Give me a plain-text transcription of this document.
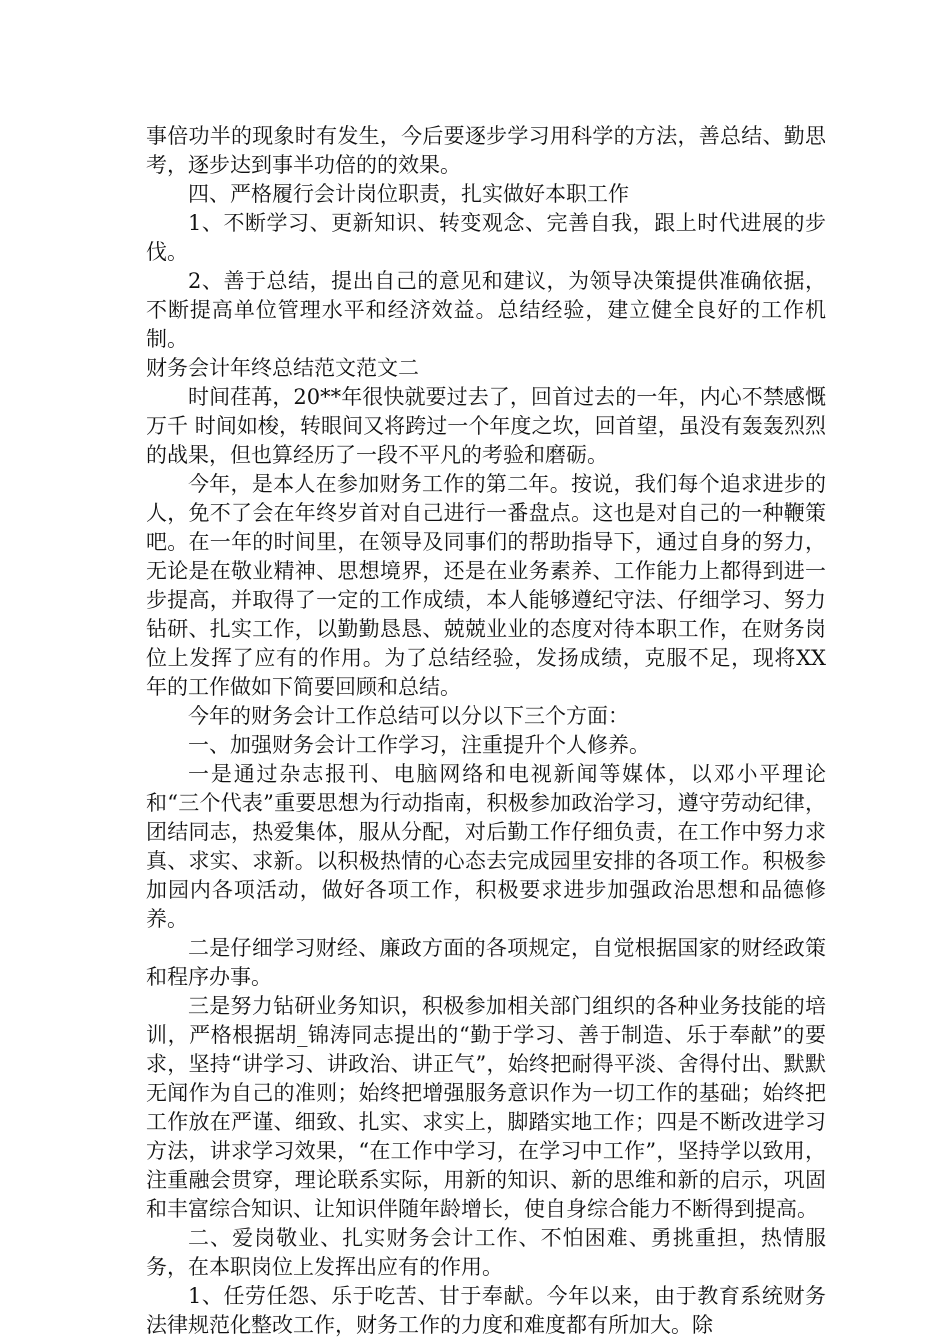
事倍功半的现象时有发生，今后要逐步学习用科学的方法，善总结、勤思考，逐步达到事半功倍的的效果。

四、严格履行会计岗位职责，扎实做好本职工作

1、不断学习、更新知识、转变观念、完善自我，跟上时代进展的步伐。

2、善于总结，提出自己的意见和建议，为领导决策提供准确依据，不断提高单位管理水平和经济效益。总结经验，建立健全良好的工作机制。

财务会计年终总结范文范文二

时间荏苒，20**年很快就要过去了，回首过去的一年，内心不禁感慨万千 时间如梭，转眼间又将跨过一个年度之坎，回首望，虽没有轰轰烈烈的战果，但也算经历了一段不平凡的考验和磨砺。

今年，是本人在参加财务工作的第二年。按说，我们每个追求进步的人，免不了会在年终岁首对自己进行一番盘点。这也是对自己的一种鞭策吧。在一年的时间里，在领导及同事们的帮助指导下，通过自身的努力，无论是在敬业精神、思想境界，还是在业务素养、工作能力上都得到进一步提高，并取得了一定的工作成绩，本人能够遵纪守法、仔细学习、努力钻研、扎实工作，以勤勤恳恳、兢兢业业的态度对待本职工作，在财务岗位上发挥了应有的作用。为了总结经验，发扬成绩，克服不足，现将XX年的工作做如下简要回顾和总结。

今年的财务会计工作总结可以分以下三个方面：

一、加强财务会计工作学习，注重提升个人修养。

一是通过杂志报刊、电脑网络和电视新闻等媒体，以邓小平理论和“三个代表”重要思想为行动指南，积极参加政治学习，遵守劳动纪律，团结同志，热爱集体，服从分配，对后勤工作仔细负责，在工作中努力求真、求实、求新。以积极热情的心态去完成园里安排的各项工作。积极参加园内各项活动，做好各项工作，积极要求进步加强政治思想和品德修养。

二是仔细学习财经、廉政方面的各项规定，自觉根据国家的财经政策和程序办事。

三是努力钻研业务知识，积极参加相关部门组织的各种业务技能的培训，严格根据胡_锦涛同志提出的“勤于学习、善于制造、乐于奉献”的要求，坚持“讲学习、讲政治、讲正气”，始终把耐得平淡、舍得付出、默默无闻作为自己的准则；始终把增强服务意识作为一切工作的基础；始终把工作放在严谨、细致、扎实、求实上，脚踏实地工作；四是不断改进学习方法，讲求学习效果，“在工作中学习，在学习中工作”，坚持学以致用，注重融会贯穿，理论联系实际，用新的知识、新的思维和新的启示，巩固和丰富综合知识、让知识伴随年龄增长，使自身综合能力不断得到提高。

二、爱岗敬业、扎实财务会计工作、不怕困难、勇挑重担，热情服务，在本职岗位上发挥出应有的作用。

1、任劳任怨、乐于吃苦、甘于奉献。今年以来，由于教育系统财务法律规范化整改工作，财务工作的力度和难度都有所加大。除
